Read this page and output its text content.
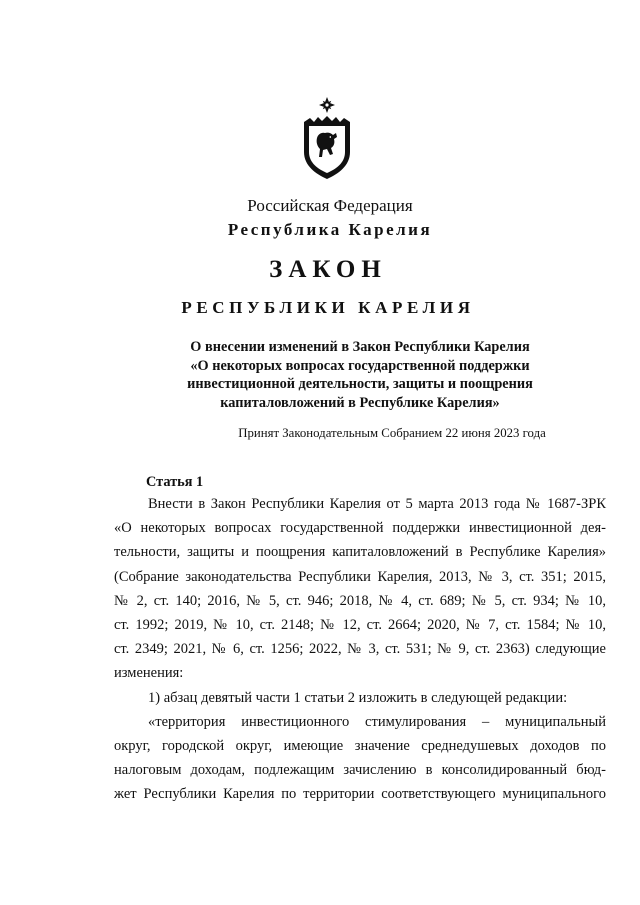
Российская Федерация
Республика Карелия
ЗАКОН
РЕСПУБЛИКИ КАРЕЛИЯ
О внесении изменений в Закон Республики Карелия
«О некоторых вопросах государственной поддержки
инвестиционной деятельности, защиты и поощрения
капиталовложений в Республике Карелия»
Принят Законодательным Собранием 22 июня 2023 года
Статья 1
Внести в Закон Республики Карелия от 5 марта 2013 года № 1687-ЗРК
«О некоторых вопросах государственной поддержки инвестиционной дея-
тельности, защиты и поощрения капиталовложений в Республике Карелия»
(Собрание законодательства Республики Карелия, 2013, № 3, ст. 351; 2015,
№ 2, ст. 140; 2016, № 5, ст. 946; 2018, № 4, ст. 689; № 5, ст. 934; № 10,
ст. 1992; 2019, № 10, ст. 2148; № 12, ст. 2664; 2020, № 7, ст. 1584; № 10,
ст. 2349; 2021, № 6, ст. 1256; 2022, № 3, ст. 531; № 9, ст. 2363) следующие
изменения:
1) абзац девятый части 1 статьи 2 изложить в следующей редакции:
«территория инвестиционного стимулирования – муниципальный
округ, городской округ, имеющие значение среднедушевых доходов по
налоговым доходам, подлежащим зачислению в консолидированный бюд-
жет Республики Карелия по территории соответствующего муниципального
